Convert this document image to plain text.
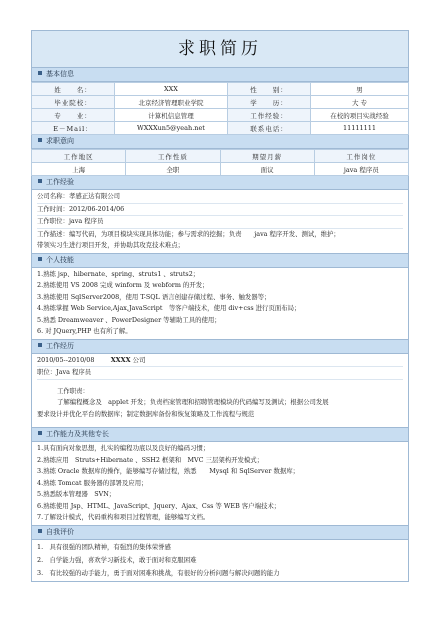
求职简历
基本信息
姓　　名：	XXX	性　　别：	男
毕业院校：	北京经济管理职业学院	学　　历：	大 专
专　　业：	计算机信息管理	工作经验：	在校的项目实战经验
E－Mail：	WXXXun5@yeah.net	联系电话：	11111111
求职意向
工作地区	工作性质	期望月薪	工作岗位
上海	全职	面议	java 程序员
工作经验
公司名称：孝感正达有限公司
工作时间：2012/06-2014/06
工作职位：java 程序员
工作描述：编写代码，为项目模块实现具体功能；参与需求的挖掘；负责　　java 程序开发、测试，维护；
带领实习生进行项目开发，并协助其攻克技术难点；
个人技能
1.熟练 jsp、hibernate、spring、struts1 、struts2；
2.熟练使用 VS 2008 完成 winform 及 webform 的开发；
3.熟练使用 SqlServer2008，使用 T-SQL 语言创建存储过程、事务、触发器等；
4.熟练掌握 Web Service,Ajax,JavaScript　等客户端技术，使用 div+css 进行页面布局；
5.熟悉 Dreamweaver 、PowerDesigner 等辅助工具的使用；
6. 对 JQuery,PHP 也有所了解。
工作经历
2010/05--2010/08	XXXX 公司
职位：Java 程序员
工作职责：
了解编程概念及　applet 开发；负责档案管理和招聘管理模块的代码编写及测试；根据公司发展
要求设计并优化平台的数据库；制定数据库备份和恢复策略及工作流程与规范
工作能力及其他专长
1.具有面向对象思想，扎实的编程功底以及良好的编码习惯；
2.熟练应用　Struts+Hibernate 、SSH2 框架和　MVC 三层架构开发模式；
3.熟练 Oracle 数据库的操作，能够编写存储过程，熟悉　　Mysql 和 SqlServer 数据库；
4.熟练 Tomcat 服务器的部署及应用；
5.熟悉版本管理器　SVN；
6.熟练使用 Jsp、HTML、JavaScript、Jquery、Ajax、Css 等 WEB 客户端技术；
7.了解设计模式，代码重构和项目过程管理，能够编写文档。
自我评价
1.　具有很强的团队精神，有强烈的集体荣誉感
2.　自学能力强，喜欢学习新技术，敢于面对和克服困难
3.　有比较强的动手能力，勇于面对困难和挑战，有很好的分析问题与解决问题的能力
